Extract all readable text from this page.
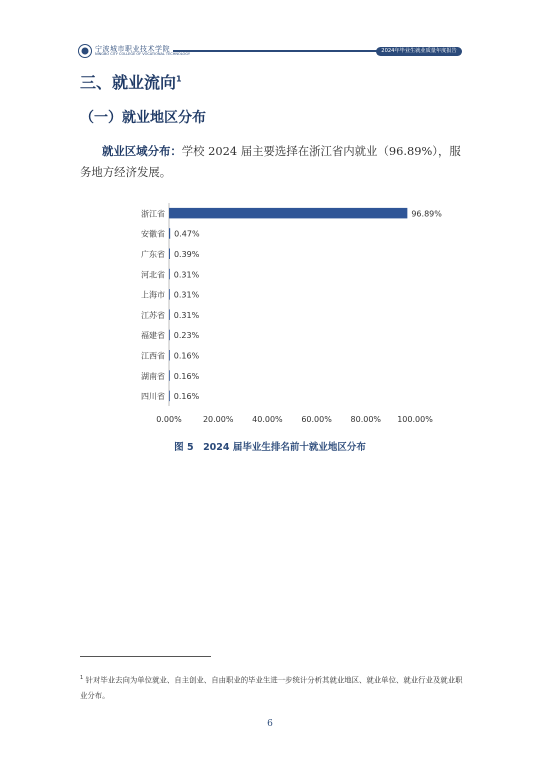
宁波城市职业技术学院
NINGBO CITY COLLEGE OF VOCATIONAL TECHNOLOGY	2024年毕业生就业质量年度报告
三、就业流向$^1$
（一）就业地区分布
就业区域分布：学校 2024 届主要选择在浙江省内就业（96.89%），服务地方经济发展。
浙江省	96.89%
安徽省 0.47%
广东省 0.39%
河北省 0.31%
上海市 0.31%
江苏省 0.31%
福建省 0.23%
江西省 0.16%
湖南省 0.16%
四川省 0.16%
0.00%	20.00% 40.00% 60.00% 80.00% 100.00%
图 5　2024 届毕业生排名前十就业地区分布
$^1$ 针对毕业去向为单位就业、自主创业、自由职业的毕业生进一步统计分析其就业地区、就业单位、就业行业及就业职业分布。
6
